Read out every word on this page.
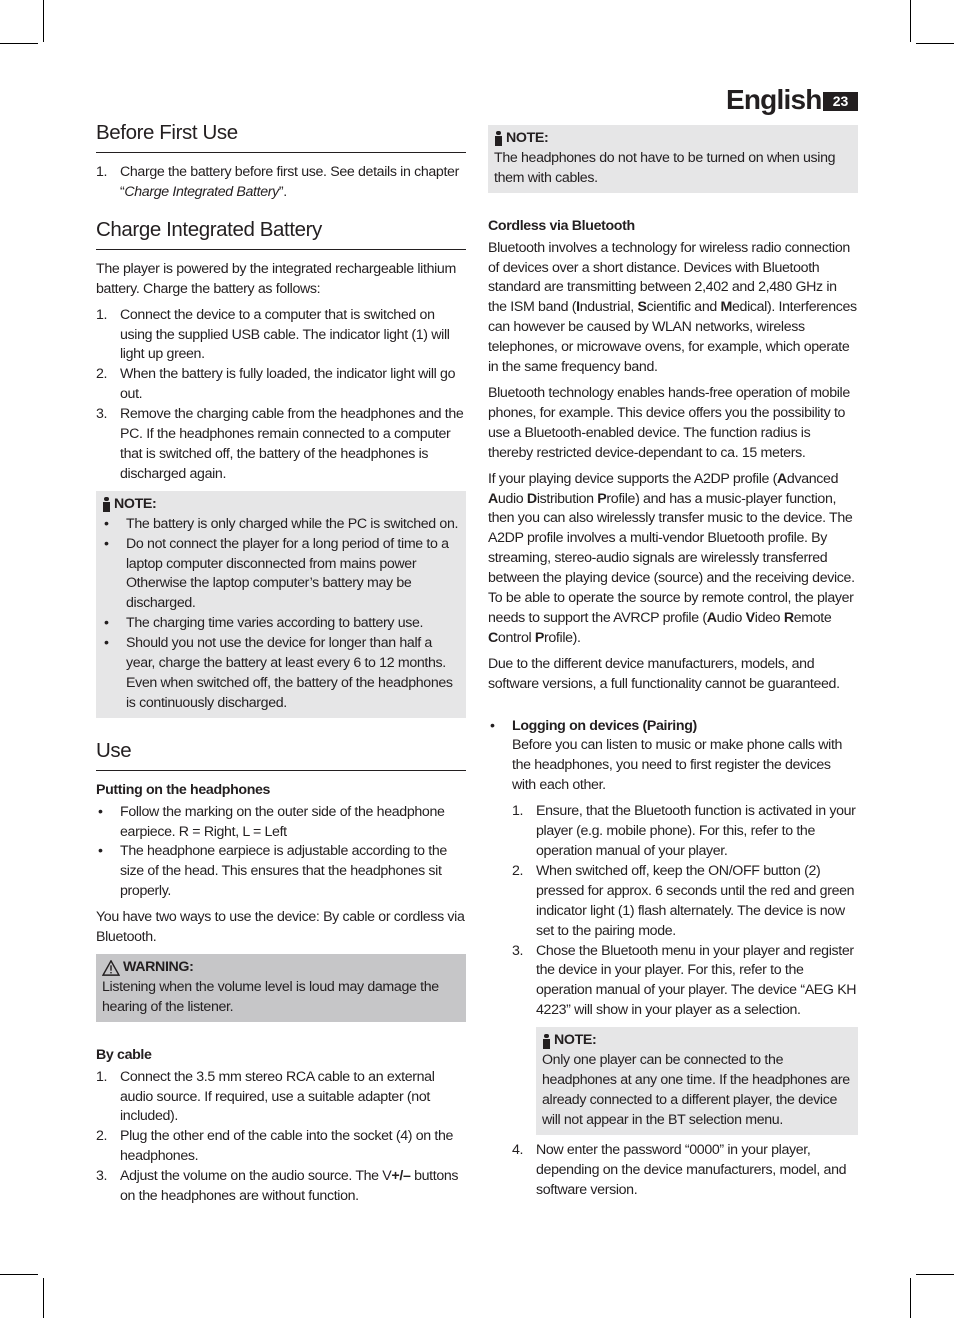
English 23
Before First Use
1. Charge the battery before first use. See details in chapter “Charge Integrated Battery”.
Charge Integrated Battery

The player is powered by the integrated rechargeable lithium battery. Charge the battery as follows:

1. Connect the device to a computer that is switched on using the supplied USB cable. The indicator light (1) will light up green.
2. When the battery is fully loaded, the indicator light will go out.
3. Remove the charging cable from the headphones and the PC. If the headphones remain connected to a computer that is switched off, the battery of the headphones is discharged again.
NOTE:
• The battery is only charged while the PC is switched on.
• Do not connect the player for a long period of time to a laptop computer disconnected from mains power Otherwise the laptop computer’s battery may be discharged.
• The charging time varies according to battery use.
• Should you not use the device for longer than half a year, charge the battery at least every 6 to 12 months. Even when switched off, the battery of the headphones is continuously discharged.
Use
Putting on the headphones
• Follow the marking on the outer side of the headphone earpiece. R = Right, L = Left
• The headphone earpiece is adjustable according to the size of the head. This ensures that the headphones sit properly.

You have two ways to use the device: By cable or cordless via Bluetooth.

WARNING:
Listening when the volume level is loud may damage the hearing of the listener.
By cable
1. Connect the 3.5 mm stereo RCA cable to an external audio source. If required, use a suitable adapter (not included).
2. Plug the other end of the cable into the socket (4) on the headphones.
3. Adjust the volume on the audio source. The V+/– buttons on the headphones are without function.
NOTE:
The headphones do not have to be turned on when using them with cables.
Cordless via Bluetooth

Bluetooth involves a technology for wireless radio connection of devices over a short distance. Devices with Bluetooth standard are transmitting between 2,402 and 2,480 GHz in the ISM band (Industrial, Scientific and Medical). Interferences can however be caused by WLAN networks, wireless telephones, or microwave ovens, for example, which operate in the same frequency band.

Bluetooth technology enables hands-free operation of mobile phones, for example. This device offers you the possibility to use a Bluetooth-enabled device. The function radius is thereby restricted device-dependant to ca. 15 meters.

If your playing device supports the A2DP profile (Advanced Audio Distribution Profile) and has a music-player function, then you can also wirelessly transfer music to the device. The A2DP profile involves a multi-vendor Bluetooth profile. By streaming, stereo-audio signals are wirelessly transferred between the playing device (source) and the receiving device. To be able to operate the source by remote control, the player needs to support the AVRCP profile (Audio Video Remote Control Profile).

Due to the different device manufacturers, models, and software versions, a full functionality cannot be guaranteed.

• Logging on devices (Pairing)
Before you can listen to music or make phone calls with the headphones, you need to first register the devices with each other.
1. Ensure, that the Bluetooth function is activated in your player (e.g. mobile phone). For this, refer to the operation manual of your player.
2. When switched off, keep the ON/OFF button (2) pressed for approx. 6 seconds until the red and green indicator light (1) flash alternately. The device is now set to the pairing mode.
3. Chose the Bluetooth menu in your player and register the device in your player. For this, refer to the operation manual of your player. The device “AEG KH 4223” will show in your player as a selection.
NOTE:
Only one player can be connected to the headphones at any one time. If the headphones are already connected to a different player, the device will not appear in the BT selection menu.
4. Now enter the password “0000” in your player, depending on the device manufacturers, model, and software version.
